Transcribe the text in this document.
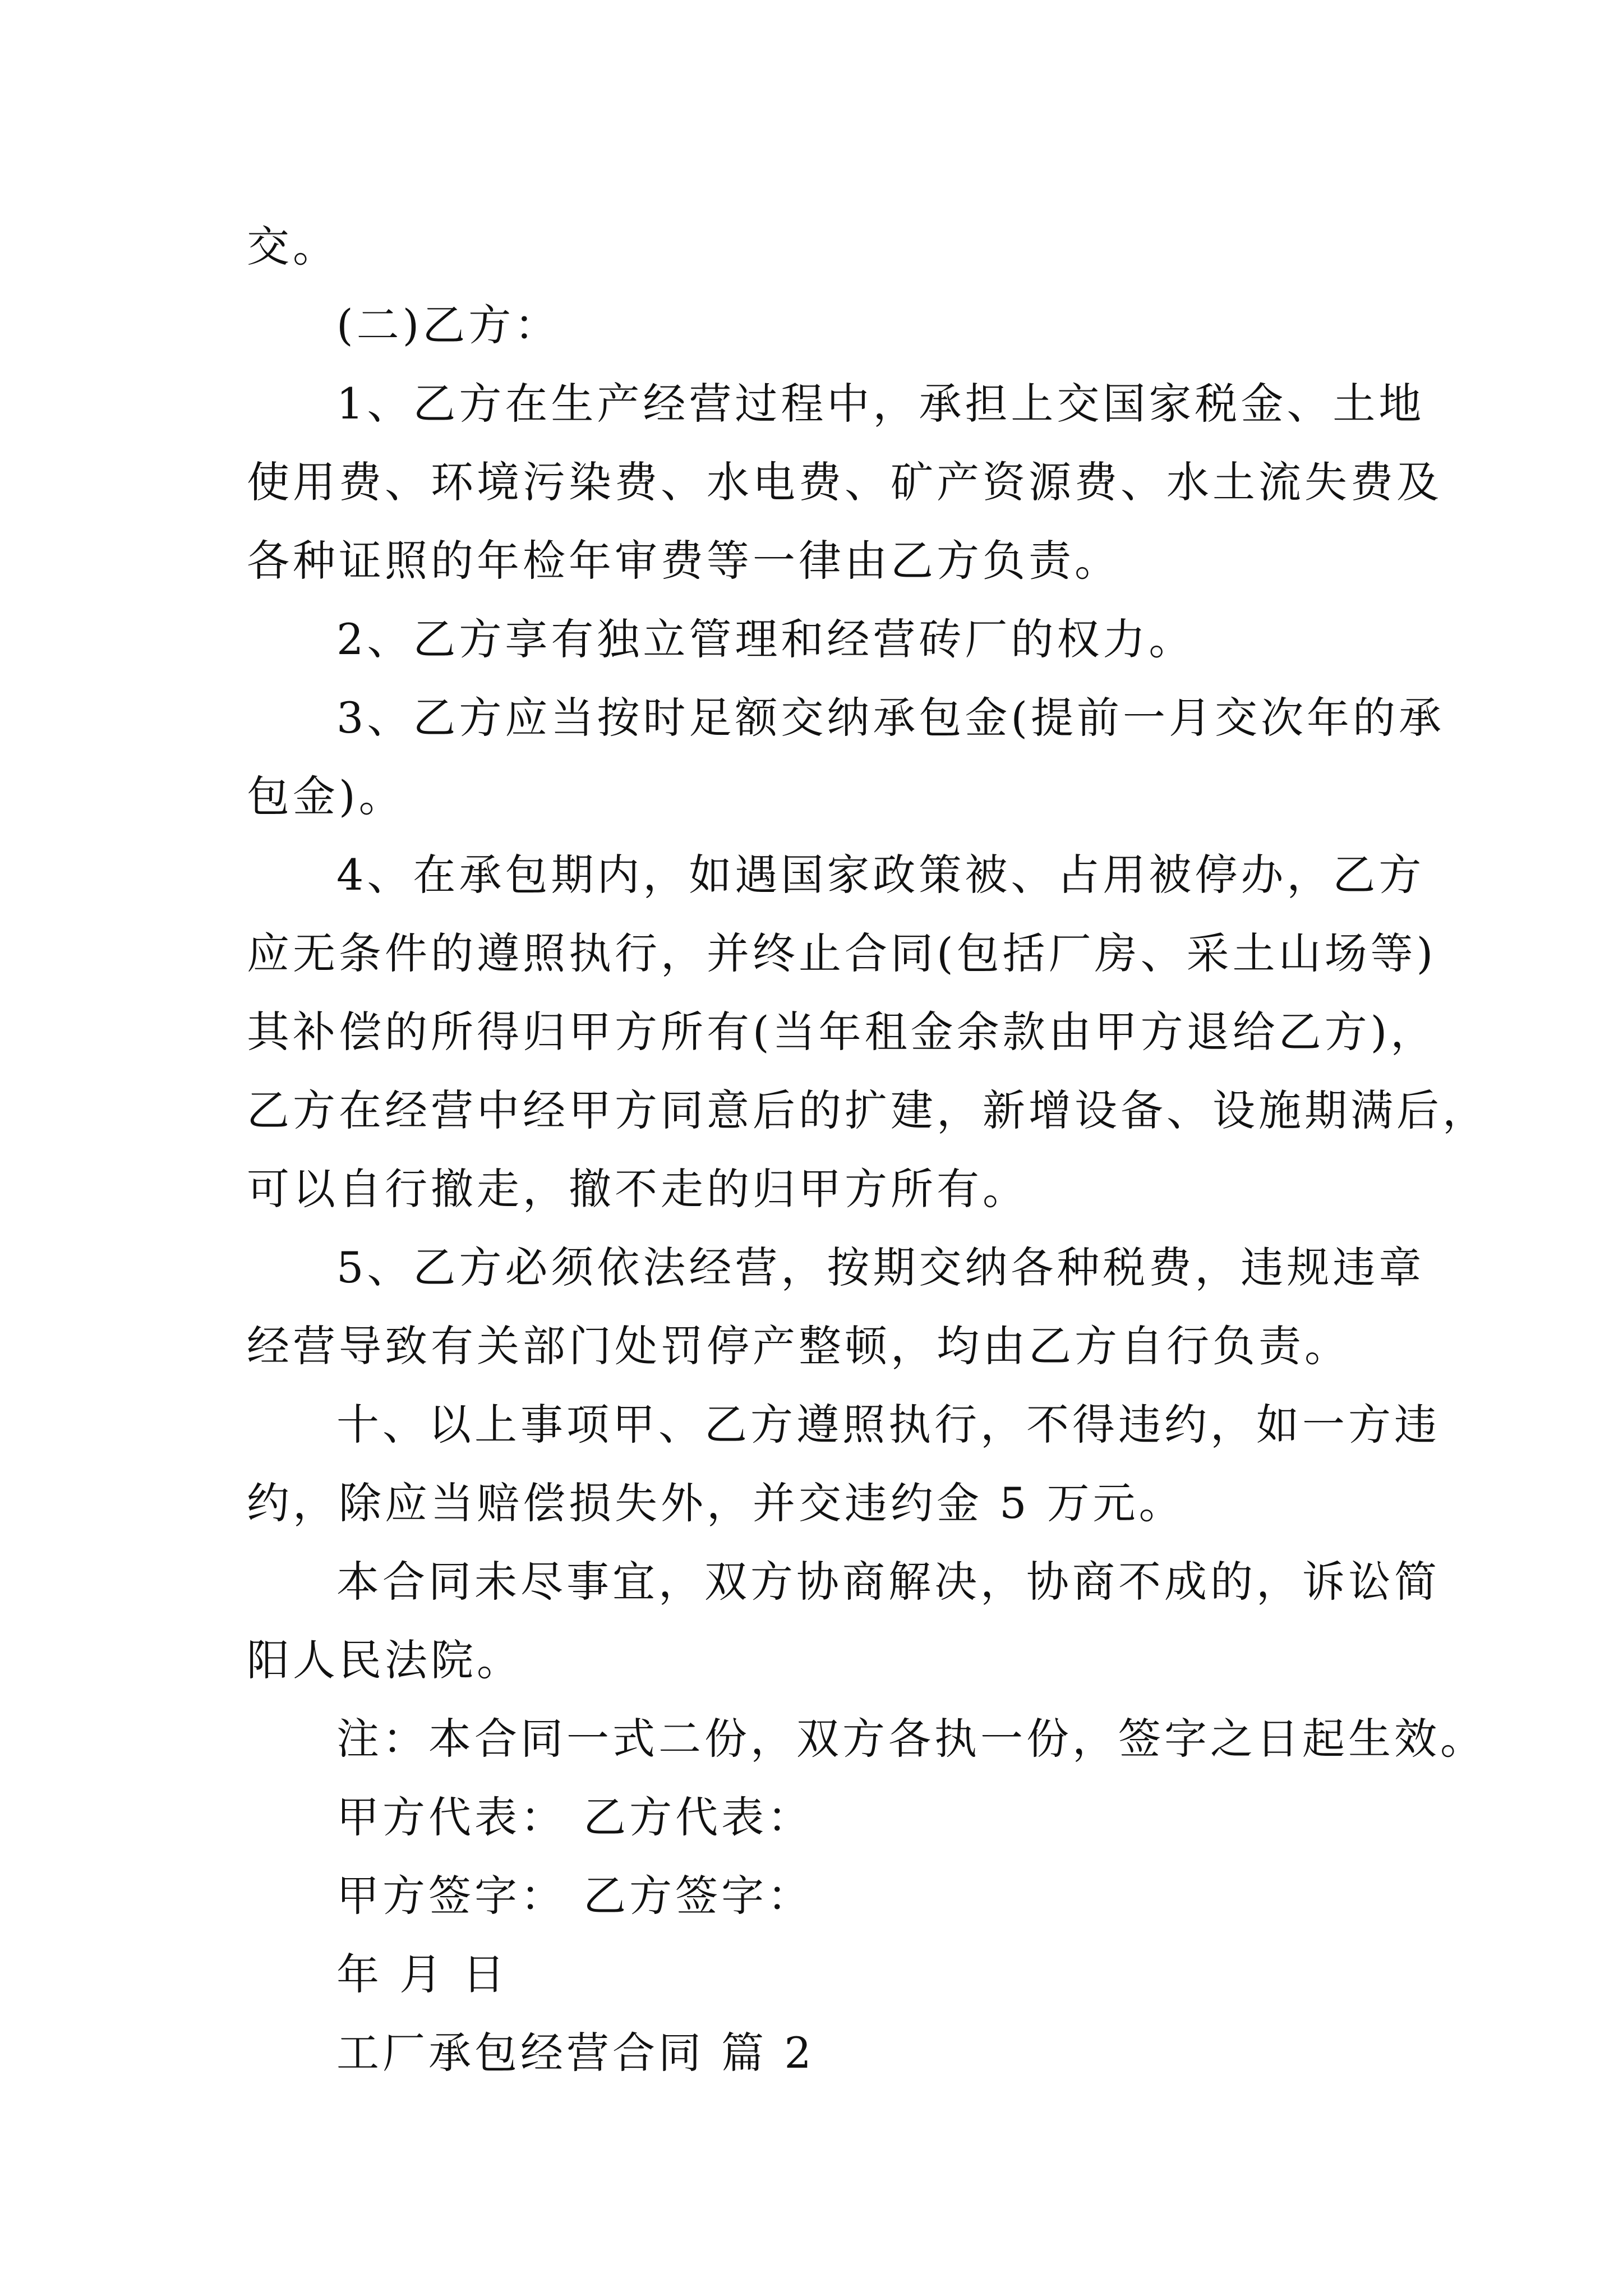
交。
(二)乙方：
1、乙方在生产经营过程中，承担上交国家税金、土地
使用费、环境污染费、水电费、矿产资源费、水土流失费及
各种证照的年检年审费等一律由乙方负责。
2、乙方享有独立管理和经营砖厂的权力。
3、乙方应当按时足额交纳承包金(提前一月交次年的承
包金)。
4、在承包期内，如遇国家政策被、占用被停办，乙方
应无条件的遵照执行，并终止合同(包括厂房、采土山场等)
其补偿的所得归甲方所有(当年租金余款由甲方退给乙方)，
乙方在经营中经甲方同意后的扩建，新增设备、设施期满后，
可以自行撤走，撤不走的归甲方所有。
5、乙方必须依法经营，按期交纳各种税费，违规违章
经营导致有关部门处罚停产整顿，均由乙方自行负责。
十、以上事项甲、乙方遵照执行，不得违约，如一方违
约，除应当赔偿损失外，并交违约金 5 万元。
本合同未尽事宜，双方协商解决，协商不成的，诉讼简
阳人民法院。
注：本合同一式二份，双方各执一份，签字之日起生效。
甲方代表： 乙方代表：
甲方签字： 乙方签字：
年 月 日
工厂承包经营合同 篇 2
